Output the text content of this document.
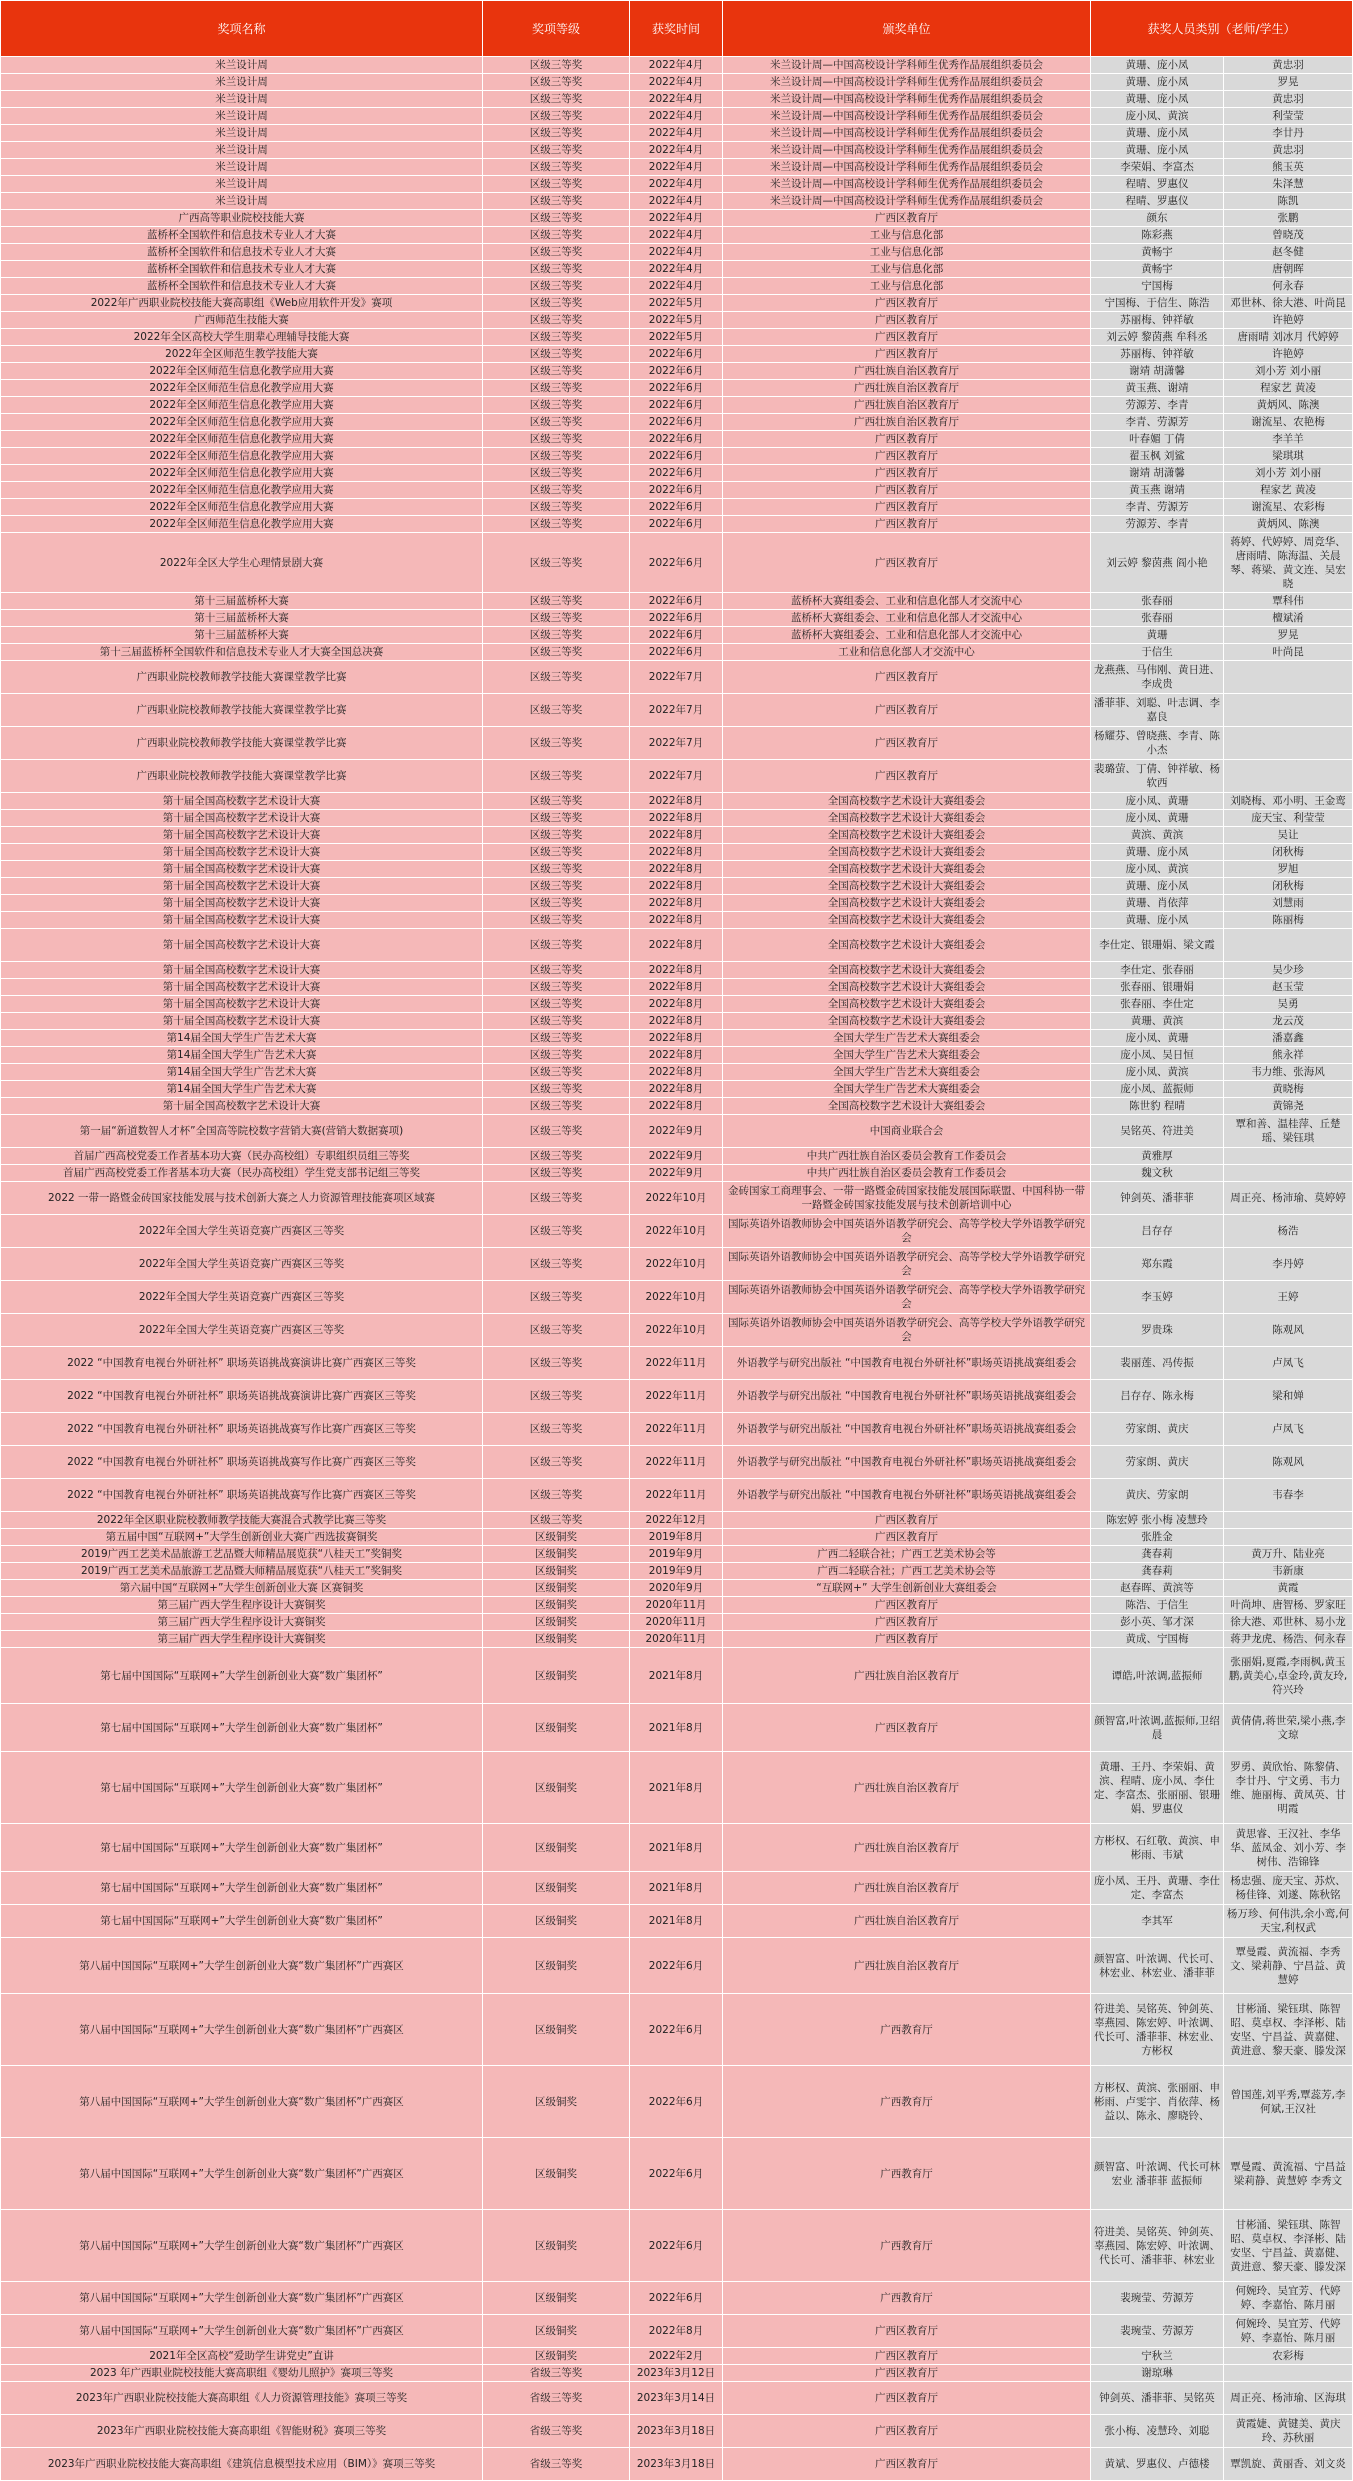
奖项名称	奖项等级	获奖时间	颁奖单位	获奖人员类别（老师/学生）	
米兰设计周	区级三等奖	2022年4月	米兰设计周—中国高校设计学科师生优秀作品展组织委员会	黄珊、庞小凤	黄忠羽
米兰设计周	区级三等奖	2022年4月	米兰设计周—中国高校设计学科师生优秀作品展组织委员会	黄珊、庞小凤	罗晃
米兰设计周	区级三等奖	2022年4月	米兰设计周—中国高校设计学科师生优秀作品展组织委员会	黄珊、庞小凤	黄忠羽
米兰设计周	区级三等奖	2022年4月	米兰设计周—中国高校设计学科师生优秀作品展组织委员会	庞小凤、黄滨	利莹莹
米兰设计周	区级三等奖	2022年4月	米兰设计周—中国高校设计学科师生优秀作品展组织委员会	黄珊、庞小凤	李廿丹
米兰设计周	区级三等奖	2022年4月	米兰设计周—中国高校设计学科师生优秀作品展组织委员会	黄珊、庞小凤	黄忠羽
米兰设计周	区级三等奖	2022年4月	米兰设计周—中国高校设计学科师生优秀作品展组织委员会	李荣娟、李富杰	熊玉英
米兰设计周	区级三等奖	2022年4月	米兰设计周—中国高校设计学科师生优秀作品展组织委员会	程晴、罗惠仪	朱泽慧
米兰设计周	区级三等奖	2022年4月	米兰设计周—中国高校设计学科师生优秀作品展组织委员会	程晴、罗惠仪	陈凯
广西高等职业院校技能大赛	区级三等奖	2022年4月	广西区教育厅	颜东	张鹏
蓝桥杯全国软件和信息技术专业人才大赛	区级三等奖	2022年4月	工业与信息化部	陈彩燕	曾晓茂
蓝桥杯全国软件和信息技术专业人才大赛	区级三等奖	2022年4月	工业与信息化部	黄畅宇	赵冬健
蓝桥杯全国软件和信息技术专业人才大赛	区级三等奖	2022年4月	工业与信息化部	黄畅宇	唐朝晖
蓝桥杯全国软件和信息技术专业人才大赛	区级三等奖	2022年4月	工业与信息化部	宁国梅	何永春
2022年广西职业院校技能大赛高职组《Web应用软件开发》赛项	区级三等奖	2022年5月	广西区教育厅	宁国梅、于信生、陈浩	邓世林、徐大港、叶尚昆
广西师范生技能大赛	区级三等奖	2022年5月	广西区教育厅	苏丽梅、钟祥敏	许艳婷
2022年全区高校大学生朋辈心理辅导技能大赛	区级三等奖	2022年5月	广西区教育厅	刘云婷 黎茵燕 牟科丞	唐雨晴 刘冰月 代婷婷
2022年全区师范生教学技能大赛	区级三等奖	2022年6月	广西区教育厅	苏丽梅、钟祥敏	许艳婷
2022年全区师范生信息化教学应用大赛	区级三等奖	2022年6月	广西壮族自治区教育厅	谢靖 胡潇馨	刘小芳 刘小丽
2022年全区师范生信息化教学应用大赛	区级三等奖	2022年6月	广西壮族自治区教育厅	黄玉燕、谢靖	程家艺 黄凌
2022年全区师范生信息化教学应用大赛	区级三等奖	2022年6月	广西壮族自治区教育厅	劳源芳、李青	黄炳风、陈澳
2022年全区师范生信息化教学应用大赛	区级三等奖	2022年6月	广西壮族自治区教育厅	李青、劳源芳	谢流星、农艳梅
2022年全区师范生信息化教学应用大赛	区级三等奖	2022年6月	广西区教育厅	叶春媚 丁倩	李羊羊
2022年全区师范生信息化教学应用大赛	区级三等奖	2022年6月	广西区教育厅	翟玉枫 刘鲨	梁琪琪
2022年全区师范生信息化教学应用大赛	区级三等奖	2022年6月	广西区教育厅	谢靖 胡潇馨	刘小芳 刘小丽
2022年全区师范生信息化教学应用大赛	区级三等奖	2022年6月	广西区教育厅	黄玉燕 谢靖	程家艺 黄凌
2022年全区师范生信息化教学应用大赛	区级三等奖	2022年6月	广西区教育厅	李青、劳源芳	谢流星、农彩梅
2022年全区师范生信息化教学应用大赛	区级三等奖	2022年6月	广西区教育厅	劳源芳、李青	黄炳风、陈澳
2022年全区大学生心理情景剧大赛	区级三等奖	2022年6月	广西区教育厅	刘云婷 黎茵燕 阎小艳	蒋婷、代婷婷、周竞华、唐雨晴、陈海温、关晨琴、蒋梁、黄文连、吴宏晓
第十三届蓝桥杯大赛	区级三等奖	2022年6月	蓝桥杯大赛组委会、工业和信息化部人才交流中心	张春丽	覃科伟
第十三届蓝桥杯大赛	区级三等奖	2022年6月	蓝桥杯大赛组委会、工业和信息化部人才交流中心	张春丽	檀斌淆
第十三届蓝桥杯大赛	区级三等奖	2022年6月	蓝桥杯大赛组委会、工业和信息化部人才交流中心	黄珊	罗晃
第十三届蓝桥杯全国软件和信息技术专业人才大赛全国总决赛	区级三等奖	2022年6月	工业和信息化部人才交流中心	于信生	叶尚昆
广西职业院校教师教学技能大赛课堂教学比赛	区级三等奖	2022年7月	广西区教育厅	龙燕燕、马伟刚、黄日进、李成贵	
广西职业院校教师教学技能大赛课堂教学比赛	区级三等奖	2022年7月	广西区教育厅	潘菲菲、刘聪、叶志调、李嘉良	
广西职业院校教师教学技能大赛课堂教学比赛	区级三等奖	2022年7月	广西区教育厅	杨耀芬、曾晓燕、李青、陈小杰	
广西职业院校教师教学技能大赛课堂教学比赛	区级三等奖	2022年7月	广西区教育厅	裴璐萤、丁倩、钟祥敏、杨软西	
第十届全国高校数字艺术设计大赛	区级三等奖	2022年8月	全国高校数字艺术设计大赛组委会	庞小凤、黄珊	刘晓梅、邓小明、王金鸾
第十届全国高校数字艺术设计大赛	区级三等奖	2022年8月	全国高校数字艺术设计大赛组委会	庞小凤、黄珊	庞天宝、利莹莹
第十届全国高校数字艺术设计大赛	区级三等奖	2022年8月	全国高校数字艺术设计大赛组委会	黄滨、黄滨	吴让
第十届全国高校数字艺术设计大赛	区级三等奖	2022年8月	全国高校数字艺术设计大赛组委会	黄珊、庞小凤	闭秋梅
第十届全国高校数字艺术设计大赛	区级三等奖	2022年8月	全国高校数字艺术设计大赛组委会	庞小凤、黄滨	罗旭
第十届全国高校数字艺术设计大赛	区级三等奖	2022年8月	全国高校数字艺术设计大赛组委会	黄珊、庞小凤	闭秋梅
第十届全国高校数字艺术设计大赛	区级三等奖	2022年8月	全国高校数字艺术设计大赛组委会	黄珊、肖依萍	刘慧雨
第十届全国高校数字艺术设计大赛	区级三等奖	2022年8月	全国高校数字艺术设计大赛组委会	黄珊、庞小凤	陈丽梅
第十届全国高校数字艺术设计大赛	区级三等奖	2022年8月	全国高校数字艺术设计大赛组委会	李仕定、银珊娟、梁文霞	
第十届全国高校数字艺术设计大赛	区级三等奖	2022年8月	全国高校数字艺术设计大赛组委会	李仕定、张春丽	吴少珍
第十届全国高校数字艺术设计大赛	区级三等奖	2022年8月	全国高校数字艺术设计大赛组委会	张春丽、银珊娟	赵玉莹
第十届全国高校数字艺术设计大赛	区级三等奖	2022年8月	全国高校数字艺术设计大赛组委会	张春丽、李仕定	吴勇
第十届全国高校数字艺术设计大赛	区级三等奖	2022年8月	全国高校数字艺术设计大赛组委会	黄珊、黄滨	龙云茂
第14届全国大学生广告艺术大赛	区级三等奖	2022年8月	全国大学生广告艺术大赛组委会	庞小凤、黄珊	潘嘉鑫
第14届全国大学生广告艺术大赛	区级三等奖	2022年8月	全国大学生广告艺术大赛组委会	庞小凤、吴日恒	熊永祥
第14届全国大学生广告艺术大赛	区级三等奖	2022年8月	全国大学生广告艺术大赛组委会	庞小凤、黄滨	韦力维、张海风
第14届全国大学生广告艺术大赛	区级三等奖	2022年8月	全国大学生广告艺术大赛组委会	庞小凤、蓝振师	黄晓梅
第十届全国高校数字艺术设计大赛	区级三等奖	2022年8月	全国高校数字艺术设计大赛组委会	陈世豹 程晴	黄锦尧
第一届“新道数智人才杯”全国高等院校数字营销大赛(营销大数据赛项)	区级三等奖	2022年9月	中国商业联合会	吴铭英、符进美	覃和善、温桂萍、丘楚瑶、梁钰琪
首届广西高校党委工作者基本功大赛（民办高校组）专职组织员组三等奖	区级三等奖	2022年9月	中共广西壮族自治区委员会教育工作委员会	黄雅厚	
首届广西高校党委工作者基本功大赛（民办高校组）学生党支部书记组三等奖	区级三等奖	2022年9月	中共广西壮族自治区委员会教育工作委员会	魏文秋	
2022 一带一路暨金砖国家技能发展与技术创新大赛之人力资源管理技能赛项区域赛	区级三等奖	2022年10月	金砖国家工商理事会、一带一路暨金砖国家技能发展国际联盟、中国科协一带一路暨金砖国家技能发展与技术创新培训中心	钟剑英、潘菲菲	周正亮、杨沛瑜、莫婷婷
2022年全国大学生英语竞赛广西赛区三等奖	区级三等奖	2022年10月	国际英语外语教师协会中国英语外语教学研究会、高等学校大学外语教学研究会	吕存存	杨浩
2022年全国大学生英语竞赛广西赛区三等奖	区级三等奖	2022年10月	国际英语外语教师协会中国英语外语教学研究会、高等学校大学外语教学研究会	郑东霞	李丹婷
2022年全国大学生英语竞赛广西赛区三等奖	区级三等奖	2022年10月	国际英语外语教师协会中国英语外语教学研究会、高等学校大学外语教学研究会	李玉婷	王婷
2022年全国大学生英语竞赛广西赛区三等奖	区级三等奖	2022年10月	国际英语外语教师协会中国英语外语教学研究会、高等学校大学外语教学研究会	罗贵珠	陈观风
2022 “中国教育电视台外研社杯” 职场英语挑战赛演讲比赛广西赛区三等奖	区级三等奖	2022年11月	外语教学与研究出版社 “中国教育电视台外研社杯”职场英语挑战赛组委会	裴丽莲、冯传振	卢凤飞
2022 “中国教育电视台外研社杯” 职场英语挑战赛演讲比赛广西赛区三等奖	区级三等奖	2022年11月	外语教学与研究出版社 “中国教育电视台外研社杯”职场英语挑战赛组委会	吕存存、陈永梅	梁和婵
2022 “中国教育电视台外研社杯” 职场英语挑战赛写作比赛广西赛区三等奖	区级三等奖	2022年11月	外语教学与研究出版社 “中国教育电视台外研社杯”职场英语挑战赛组委会	劳家朗、黄庆	卢凤飞
2022 “中国教育电视台外研社杯” 职场英语挑战赛写作比赛广西赛区三等奖	区级三等奖	2022年11月	外语教学与研究出版社 “中国教育电视台外研社杯”职场英语挑战赛组委会	劳家朗、黄庆	陈观风
2022 “中国教育电视台外研社杯” 职场英语挑战赛写作比赛广西赛区三等奖	区级三等奖	2022年11月	外语教学与研究出版社 “中国教育电视台外研社杯”职场英语挑战赛组委会	黄庆、劳家朗	韦春李
2022年全区职业院校教师教学技能大赛混合式教学比赛三等奖	区级三等奖	2022年12月	广西区教育厅	陈宏婷 张小梅 凌慧玲	
第五届中国“互联网+”大学生创新创业大赛广西选拔赛铜奖	区级铜奖	2019年8月	广西区教育厅	张胜金	
2019广西工艺美术品旅游工艺品暨大师精品展览获“八桂天工”奖铜奖	区级铜奖	2019年9月	广西二轻联合社；广西工艺美术协会等	龚春莉	黄万升、陆业亮
2019广西工艺美术品旅游工艺品暨大师精品展览获“八桂天工”奖铜奖	区级铜奖	2019年9月	广西二轻联合社；广西工艺美术协会等	龚春莉	韦新康
第六届中国“互联网+”大学生创新创业大赛 区赛铜奖	区级铜奖	2020年9月	“互联网+” 大学生创新创业大赛组委会	赵春晖、黄滨等	黄霞
第三届广西大学生程序设计大赛铜奖	区级铜奖	2020年11月	广西区教育厅	陈浩、于信生	叶尚坤、唐智杨、罗家旺
第三届广西大学生程序设计大赛铜奖	区级铜奖	2020年11月	广西区教育厅	彭小英、邹才深	徐大港、邓世林、易小龙
第三届广西大学生程序设计大赛铜奖	区级铜奖	2020年11月	广西区教育厅	黄成、宁国梅	蒋尹龙虎、杨浩、何永春
第七届中国国际“互联网+”大学生创新创业大赛“数广集团杯”	区级铜奖	2021年8月	广西壮族自治区教育厅	谭皓,叶浓调,蓝振师	张丽娟,夏霞,李雨枫,黄玉鹏,黄美心,卓金玲,黄友玲,符兴玲
第七届中国国际“互联网+”大学生创新创业大赛“数广集团杯”	区级铜奖	2021年8月	广西区教育厅	颜智富,叶浓调,蓝振师,卫绍晨	黄倩倩,蒋世荣,梁小燕,李文琼
第七届中国国际“互联网+”大学生创新创业大赛“数广集团杯”	区级铜奖	2021年8月	广西壮族自治区教育厅	黄珊、王丹、李荣娟、黄滨、程晴、庞小凤、李仕定、李富杰、张丽丽、银珊娟、罗惠仪	罗勇、黄欣怡、陈黎倩、李廿丹、宁文勇、韦力维、施丽梅、黄凤英、甘明霞
第七届中国国际“互联网+”大学生创新创业大赛“数广集团杯”	区级铜奖	2021年8月	广西壮族自治区教育厅	方彬权、石红敬、黄滨、申彬雨、韦斌	黄思睿、王汉社、李华华、蓝凤金、刘小芳、李树伟、浩锦锋
第七届中国国际“互联网+”大学生创新创业大赛“数广集团杯”	区级铜奖	2021年8月	广西壮族自治区教育厅	庞小凤、王丹、黄珊、李仕定、李富杰	杨忠强、庞天宝、苏炊、杨佳锋、刘遂、陈秋铭
第七届中国国际“互联网+”大学生创新创业大赛“数广集团杯”	区级铜奖	2021年8月	广西壮族自治区教育厅	李其军	杨万珍、何伟洪,余小鸾,何天宝,利权武
第八届中国国际“互联网+”大学生创新创业大赛“数广集团杯”广西赛区	区级铜奖	2022年6月	广西壮族自治区教育厅	颜智富、叶浓调、代长可、林宏业、林宏业、潘菲菲	覃曼霞、黄流福、李秀文、梁莉静、宁昌益、黄慧婷
第八届中国国际“互联网+”大学生创新创业大赛“数广集团杯”广西赛区	区级铜奖	2022年6月	广西教育厅	符进美、吴铭英、钟剑英、辜燕园、陈宏婷、叶浓调、代长可、潘菲菲、林宏业、方彬权	甘彬涌、梁钰琪、陈智昭、莫卓权、李泽彬、陆安坚、宁昌益、黄嘉健、黄进意、黎天豪、滕发深
第八届中国国际“互联网+”大学生创新创业大赛“数广集团杯”广西赛区	区级铜奖	2022年6月	广西教育厅	方彬权、黄滨、张丽丽、申彬雨、卢雯宇、肖依萍、杨益以、陈永、廖晓铃、	曾国莲,刘平秀,覃蕊芳,李何斌,王汉社
第八届中国国际“互联网+”大学生创新创业大赛“数广集团杯”广西赛区	区级铜奖	2022年6月	广西教育厅	颜智富、叶浓调、代长可林宏业 潘菲菲 蓝振师	覃曼霞、黄流福、宁昌益梁莉静、黄慧婷 李秀文
第八届中国国际“互联网+”大学生创新创业大赛“数广集团杯”广西赛区	区级铜奖	2022年6月	广西教育厅	符进美、吴铭英、钟剑英、辜燕园、陈宏婷、叶浓调、代长可、潘菲菲、林宏业	甘彬涌、梁钰琪、陈智昭、莫卓权、李泽彬、陆安坚、宁昌益、黄嘉健、黄进意、黎天豪、滕发深
第八届中国国际“互联网+”大学生创新创业大赛“数广集团杯”广西赛区	区级铜奖	2022年6月	广西教育厅	裴琬莹、劳源芳	何婉玲、吴宜芳、代婷婷、李嘉怡、陈月丽
第八届中国国际“互联网+”大学生创新创业大赛“数广集团杯”广西赛区	区级铜奖	2022年8月	广西区教育厅	裴琬莹、劳源芳	何婉玲、吴宜芳、代婷婷、李嘉怡、陈月丽
2021年全区高校“爱助学生讲党史”直讲	区级铜奖	2022年2月	广西区教育厅	宁秋兰	农彩梅
2023 年广西职业院校技能大赛高职组《婴幼儿照护》赛项三等奖	省级三等奖	2023年3月12日	广西区教育厅	谢琼琳	
2023年广西职业院校技能大赛高职组《人力资源管理技能》赛项三等奖	省级三等奖	2023年3月14日	广西区教育厅	钟剑英、潘菲菲、吴铭英	周正亮、杨沛瑜、区海琪
2023年广西职业院校技能大赛高职组《智能财税》赛项三等奖	省级三等奖	2023年3月18日	广西区教育厅	张小梅、凌慧玲、刘聪	黄霞婕、黄键美、黄庆玲、苏秋丽
2023年广西职业院校技能大赛高职组《建筑信息模型技术应用（BIM）》赛项三等奖	省级三等奖	2023年3月18日	广西区教育厅	黄斌、罗惠仪、卢德楼	覃凯旋、黄丽香、刘文炎
